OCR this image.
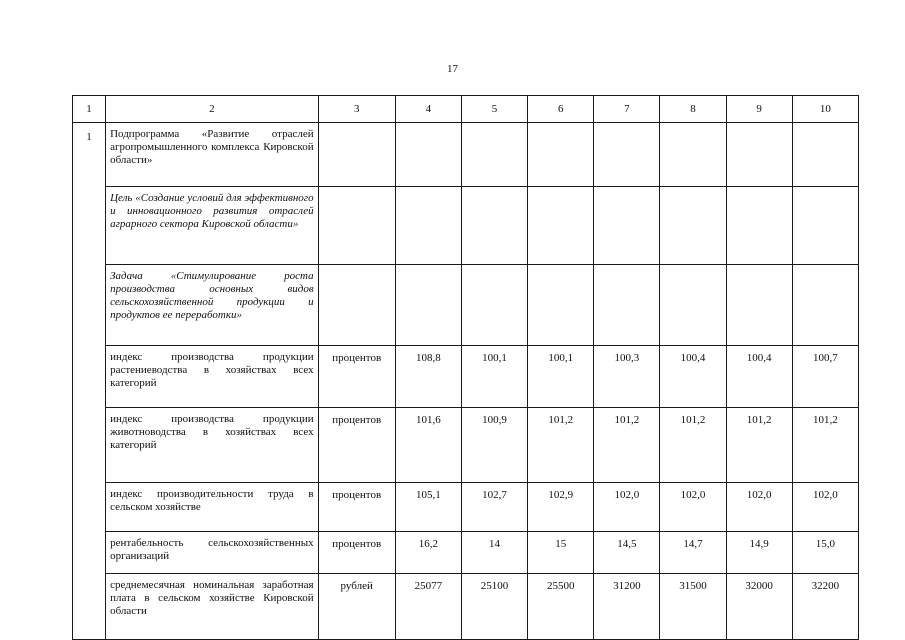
17
1	2	3	4	5	6	7	8	9	10
1	Подпрограмма «Развитие отраслей агропромышленного комплекса Кировской области»								
	Цель «Создание условий для эффективного и инновационного развития отраслей аграрного сектора Кировской области»								
	Задача «Стимулирование роста производства основных видов сельскохозяйственной продукции и продуктов ее переработки»								
	индекс производства продукции растениеводства в хозяйствах всех категорий	процентов	108,8	100,1	100,1	100,3	100,4	100,4	100,7
	индекс производства продукции животноводства в хозяйствах всех категорий	процентов	101,6	100,9	101,2	101,2	101,2	101,2	101,2
	индекс производительности труда в сельском хозяйстве	процентов	105,1	102,7	102,9	102,0	102,0	102,0	102,0
	рентабельность сельскохозяйственных организаций	процентов	16,2	14	15	14,5	14,7	14,9	15,0
	среднемесячная номинальная заработная плата в сельском хозяйстве Кировской области	рублей	25077	25100	25500	31200	31500	32000	32200
